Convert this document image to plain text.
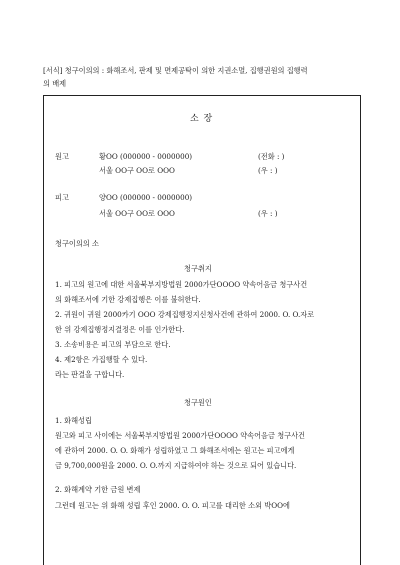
[서식] 청구이의의 : 화해조서, 판제 및 면제공탁이 의한 지권소멸, 집행권원의 집행력
의 배제
소 장
원고	황OO (000000 - 0000000)	(전화 : )
서울 OO구 OO로 OOO	(우 : )
피고	양OO (000000 - 0000000)
서울 OO구 OO로 OOO	(우 : )
청구이의의 소
청구취지
1. 피고의 원고에 대한 서울북부지방법원 2000가단OOOO 약속어음금 청구사건
의 화해조서에 기한 강제집행은 이를 불허한다.
2. 귀원이 귀원 2000카기 OOO 강제집행정지신청사건에 관하여 2000. O. O.자로
한 위 강제집행정지결정은 이를 인가한다.
3. 소송비용은 피고의 부담으로 한다.
4. 제2항은 가집행할 수 있다.
라는 판결을 구합니다.
청구원인
1. 화해성립
원고와 피고 사이에는 서울북부지방법원 2000가단OOOO 약속어음금 청구사건
에 관하여 2000. O. O. 화해가 성립하였고 그 화해조서에는 원고는 피고에게
금 9,700,000원을 2000. O. O.까지 지급하여야 하는 것으로 되어 있습니다.
2. 화해계약 기한 금원 변제
그런데 원고는 위 화해 성립 후인 2000. O. O. 피고를 대리한 소외 박OO에
